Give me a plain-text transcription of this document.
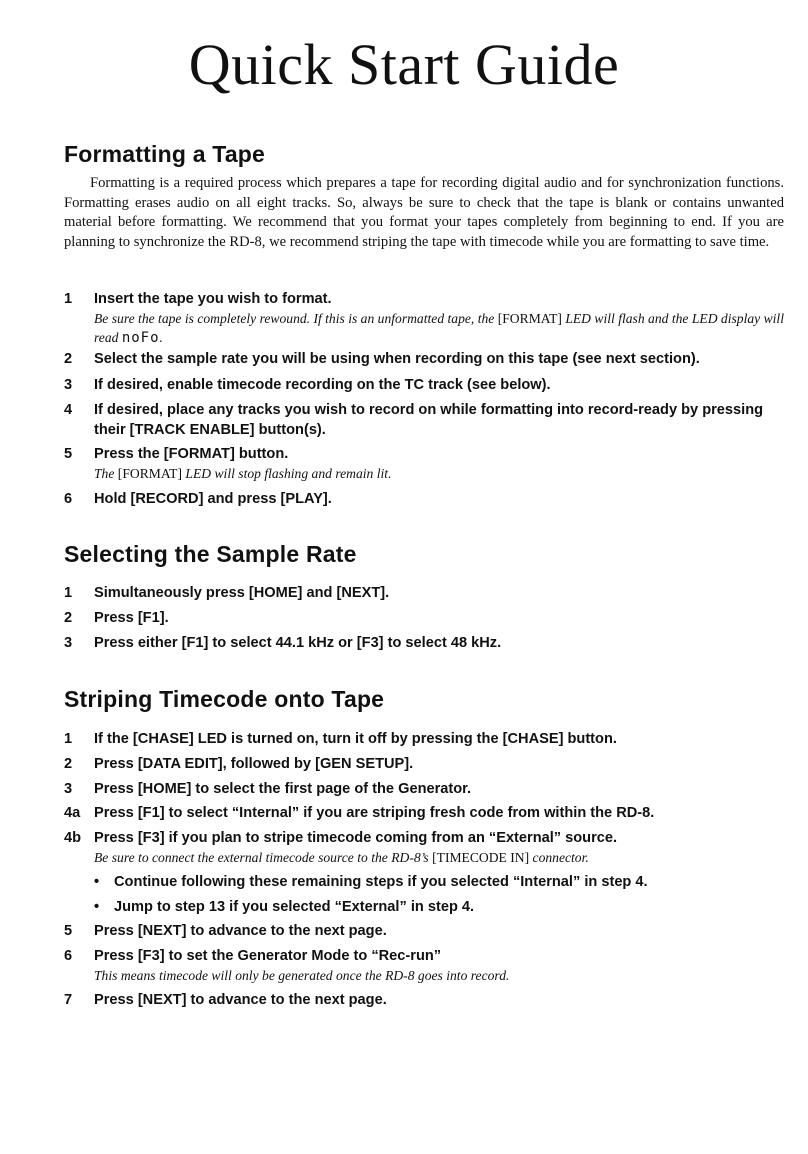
Quick Start Guide
Formatting a Tape

Formatting is a required process which prepares a tape for recording digital audio and for synchronization functions. Formatting erases audio on all eight tracks. So, always be sure to check that the tape is blank or contains unwanted material before formatting. We recommend that you format your tapes completely from beginning to end. If you are planning to synchronize the RD-8, we recommend striping the tape with timecode while you are formatting to save time.

1 Insert the tape you wish to format.
Be sure the tape is completely rewound. If this is an unformatted tape, the [FORMAT] LED will flash and the LED display will read noFo.
2 Select the sample rate you will be using when recording on this tape (see next section).
3 If desired, enable timecode recording on the TC track (see below).
4 If desired, place any tracks you wish to record on while formatting into record-ready by pressing their [TRACK ENABLE] button(s).
5 Press the [FORMAT] button.
The [FORMAT] LED will stop flashing and remain lit.
6 Hold [RECORD] and press [PLAY].
Selecting the Sample Rate
1 Simultaneously press [HOME] and [NEXT].
2 Press [F1].
3 Press either [F1] to select 44.1 kHz or [F3] to select 48 kHz.
Striping Timecode onto Tape
1 If the [CHASE] LED is turned on, turn it off by pressing the [CHASE] button.
2 Press [DATA EDIT], followed by [GEN SETUP].
3 Press [HOME] to select the first page of the Generator.
4a Press [F1] to select “Internal” if you are striping fresh code from within the RD-8.
4b Press [F3] if you plan to stripe timecode coming from an “External” source.
Be sure to connect the external timecode source to the RD-8’s [TIMECODE IN] connector.
• Continue following these remaining steps if you selected “Internal” in step 4.
• Jump to step 13 if you selected “External” in step 4.
5 Press [NEXT] to advance to the next page.
6 Press [F3] to set the Generator Mode to “Rec-run”
This means timecode will only be generated once the RD-8 goes into record.
7 Press [NEXT] to advance to the next page.
